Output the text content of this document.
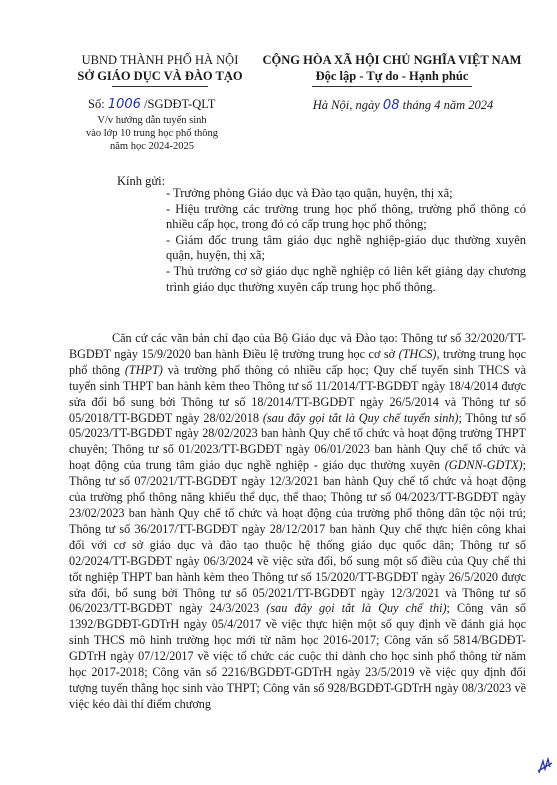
UBND THÀNH PHỐ HÀ NỘI
SỞ GIÁO DỤC VÀ ĐÀO TẠO
CỘNG HÒA XÃ HỘI CHỦ NGHĨA VIỆT NAM
Độc lập - Tự do - Hạnh phúc
Số: 1006 /SGDĐT-QLT
V/v hướng dẫn tuyển sinh
vào lớp 10 trung học phổ thông
năm học 2024-2025
Hà Nội, ngày 08 tháng 4 năm 2024
Kính gửi:

- Trưởng phòng Giáo dục và Đào tạo quận, huyện, thị xã;

- Hiệu trưởng các trường trung học phổ thông, trường phổ thông có nhiều cấp học, trong đó có cấp trung học phổ thông;

- Giám đốc trung tâm giáo dục nghề nghiệp-giáo dục thường xuyên quận, huyện, thị xã;

- Thủ trưởng cơ sở giáo dục nghề nghiệp có liên kết giảng dạy chương trình giáo dục thường xuyên cấp trung học phổ thông.

Căn cứ các văn bản chỉ đạo của Bộ Giáo dục và Đào tạo: Thông tư số 32/2020/TT-BGDĐT ngày 15/9/2020 ban hành Điều lệ trường trung học cơ sở (THCS), trường trung học phổ thông (THPT) và trường phổ thông có nhiều cấp học; Quy chế tuyển sinh THCS và tuyển sinh THPT ban hành kèm theo Thông tư số 11/2014/TT-BGDĐT ngày 18/4/2014 được sửa đổi bổ sung bởi Thông tư số 18/2014/TT-BGDĐT ngày 26/5/2014 và Thông tư số 05/2018/TT-BGDĐT ngày 28/02/2018 (sau đây gọi tắt là Quy chế tuyển sinh); Thông tư số 05/2023/TT-BGDĐT ngày 28/02/2023 ban hành Quy chế tổ chức và hoạt động trường THPT chuyên; Thông tư số 01/2023/TT-BGDĐT ngày 06/01/2023 ban hành Quy chế tổ chức và hoạt động của trung tâm giáo dục nghề nghiệp - giáo dục thường xuyên (GDNN-GDTX); Thông tư số 07/2021/TT-BGDĐT ngày 12/3/2021 ban hành Quy chế tổ chức và hoạt động của trường phổ thông năng khiếu thể dục, thể thao; Thông tư số 04/2023/TT-BGDĐT ngày 23/02/2023 ban hành Quy chế tổ chức và hoạt động của trường phổ thông dân tộc nội trú; Thông tư số 36/2017/TT-BGDĐT ngày 28/12/2017 ban hành Quy chế thực hiện công khai đối với cơ sở giáo dục và đào tạo thuộc hệ thống giáo dục quốc dân; Thông tư số 02/2024/TT-BGDĐT ngày 06/3/2024 về việc sửa đổi, bổ sung một số điều của Quy chế thi tốt nghiệp THPT ban hành kèm theo Thông tư số 15/2020/TT-BGDĐT ngày 26/5/2020 được sửa đổi, bổ sung bởi Thông tư số 05/2021/TT-BGDĐT ngày 12/3/2021 và Thông tư số 06/2023/TT-BGDĐT ngày 24/3/2023 (sau đây gọi tắt là Quy chế thi); Công văn số 1392/BGDĐT-GDTrH ngày 05/4/2017 về việc thực hiện một số quy định về đánh giá học sinh THCS mô hình trường học mới từ năm học 2016-2017; Công văn số 5814/BGDĐT-GDTrH ngày 07/12/2017 về việc tổ chức các cuộc thi dành cho học sinh phổ thông từ năm học 2017-2018; Công văn số 2216/BGDĐT-GDTrH ngày 23/5/2019 về việc quy định đối tượng tuyển thẳng học sinh vào THPT; Công văn số 928/BGDĐT-GDTrH ngày 08/3/2023 về việc kéo dài thí điểm chương
